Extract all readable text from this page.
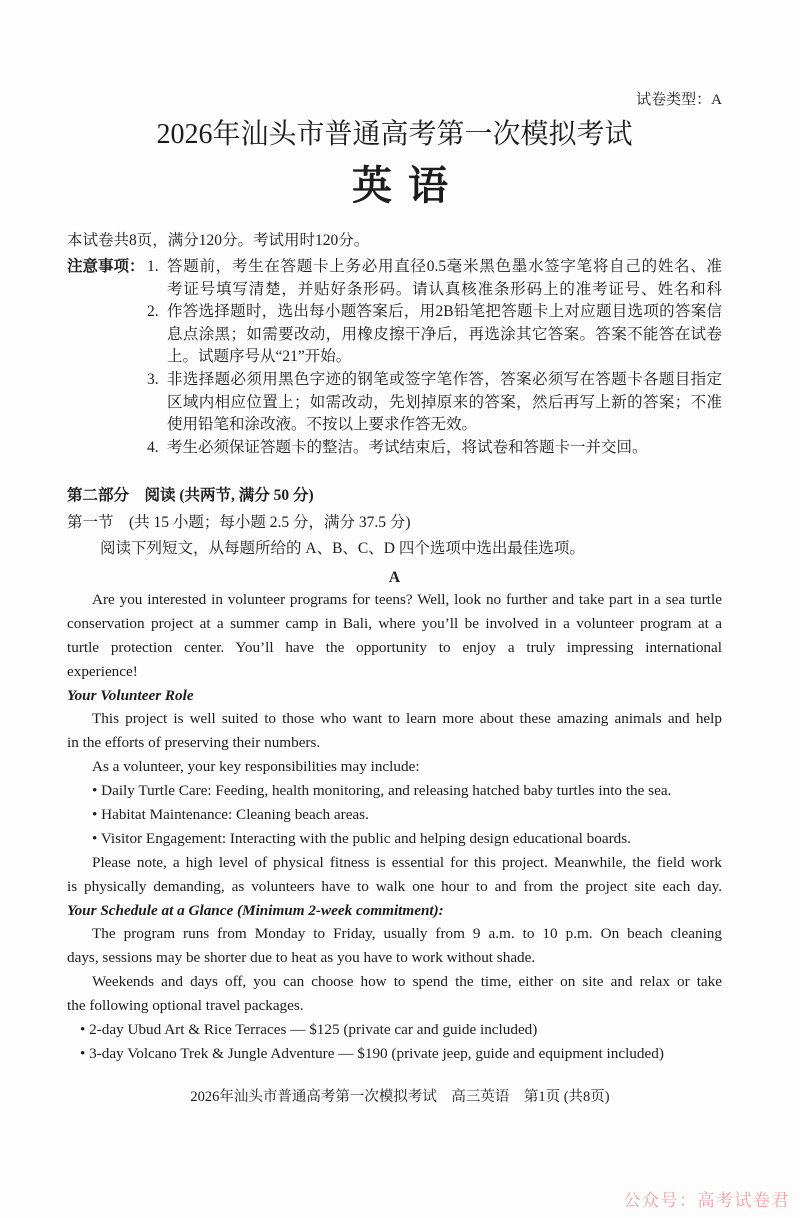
试卷类型：A
2026年汕头市普通高考第一次模拟考试
英语
本试卷共8页，满分120分。考试用时120分。
注意事项： 1. 答题前，考生在答题卡上务必用直径0.5毫米黑色墨水签字笔将自己的姓名、准
考证号填写清楚，并贴好条形码。请认真核准条形码上的准考证号、姓名和科
2. 作答选择题时，选出每小题答案后，用2B铅笔把答题卡上对应题目选项的答案信
息点涂黑；如需要改动，用橡皮擦干净后，再选涂其它答案。答案不能答在试卷
上。试题序号从“21”开始。
3. 非选择题必须用黑色字迹的钢笔或签字笔作答，答案必须写在答题卡各题目指定
区域内相应位置上；如需改动，先划掉原来的答案，然后再写上新的答案；不准
使用铅笔和涂改液。不按以上要求作答无效。
4. 考生必须保证答题卡的整洁。考试结束后，将试卷和答题卡一并交回。
第二部分　阅读 (共两节, 满分 50 分)
第一节　(共 15 小题；每小题 2.5 分，满分 37.5 分)
阅读下列短文，从每题所给的 A、B、C、D 四个选项中选出最佳选项。
A
Are you interested in volunteer programs for teens? Well, look no further and take part in a sea turtle
conservation project at a summer camp in Bali, where you’ll be involved in a volunteer program at a
turtle protection center. You’ll have the opportunity to enjoy a truly impressing international
experience!
Your Volunteer Role
This project is well suited to those who want to learn more about these amazing animals and help
in the efforts of preserving their numbers.
As a volunteer, your key responsibilities may include:
• Daily Turtle Care: Feeding, health monitoring, and releasing hatched baby turtles into the sea.
• Habitat Maintenance: Cleaning beach areas.
• Visitor Engagement: Interacting with the public and helping design educational boards.
Please note, a high level of physical fitness is essential for this project. Meanwhile, the field work
is physically demanding, as volunteers have to walk one hour to and from the project site each day.
Your Schedule at a Glance (Minimum 2-week commitment):
The program runs from Monday to Friday, usually from 9 a.m. to 10 p.m. On beach cleaning
days, sessions may be shorter due to heat as you have to work without shade.
Weekends and days off, you can choose how to spend the time, either on site and relax or take
the following optional travel packages.
• 2-day Ubud Art & Rice Terraces — $125 (private car and guide included)
• 3-day Volcano Trek & Jungle Adventure — $190 (private jeep, guide and equipment included)
2026年汕头市普通高考第一次模拟考试　高三英语　第1页 (共8页)
公众号：高考试卷君
